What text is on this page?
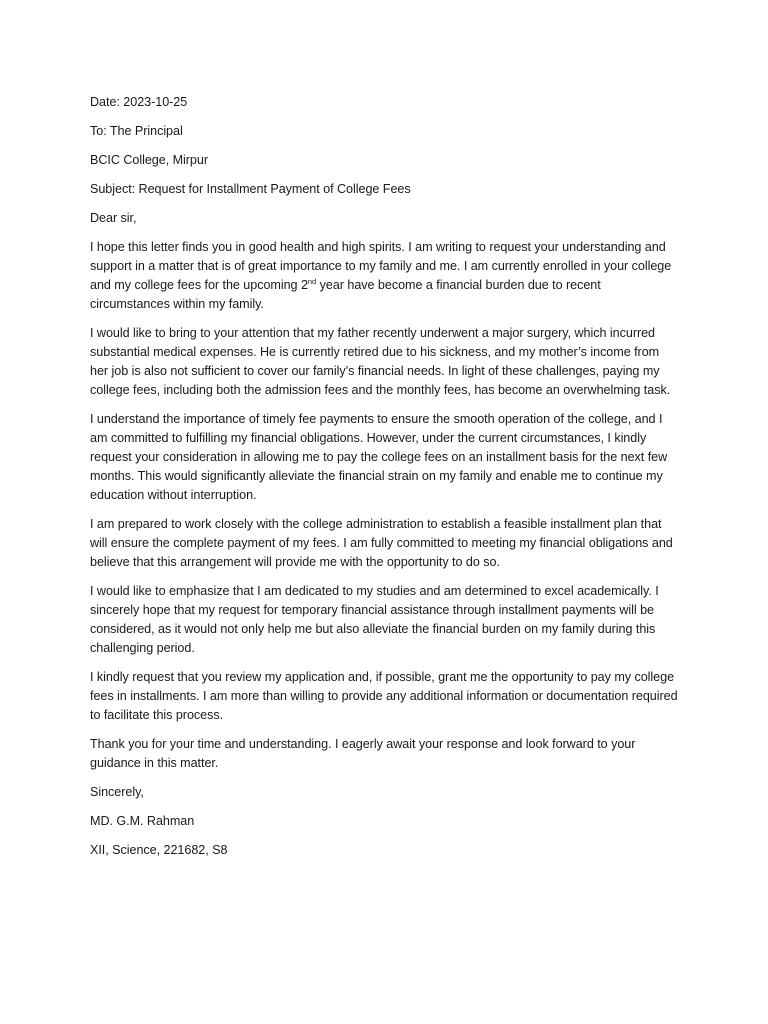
Date: 2023-10-25

To: The Principal

BCIC College, Mirpur

Subject: Request for Installment Payment of College Fees

Dear sir,

I hope this letter finds you in good health and high spirits. I am writing to request your understanding and support in a matter that is of great importance to my family and me. I am currently enrolled in your college and my college fees for the upcoming 2nd year have become a financial burden due to recent circumstances within my family.

I would like to bring to your attention that my father recently underwent a major surgery, which incurred substantial medical expenses. He is currently retired due to his sickness, and my mother’s income from her job is also not sufficient to cover our family’s financial needs. In light of these challenges, paying my college fees, including both the admission fees and the monthly fees, has become an overwhelming task.

I understand the importance of timely fee payments to ensure the smooth operation of the college, and I am committed to fulfilling my financial obligations. However, under the current circumstances, I kindly request your consideration in allowing me to pay the college fees on an installment basis for the next few months. This would significantly alleviate the financial strain on my family and enable me to continue my education without interruption.

I am prepared to work closely with the college administration to establish a feasible installment plan that will ensure the complete payment of my fees. I am fully committed to meeting my financial obligations and believe that this arrangement will provide me with the opportunity to do so.

I would like to emphasize that I am dedicated to my studies and am determined to excel academically. I sincerely hope that my request for temporary financial assistance through installment payments will be considered, as it would not only help me but also alleviate the financial burden on my family during this challenging period.

I kindly request that you review my application and, if possible, grant me the opportunity to pay my college fees in installments. I am more than willing to provide any additional information or documentation required to facilitate this process.

Thank you for your time and understanding. I eagerly await your response and look forward to your guidance in this matter.

Sincerely,

MD. G.M. Rahman

XII, Science, 221682, S8
